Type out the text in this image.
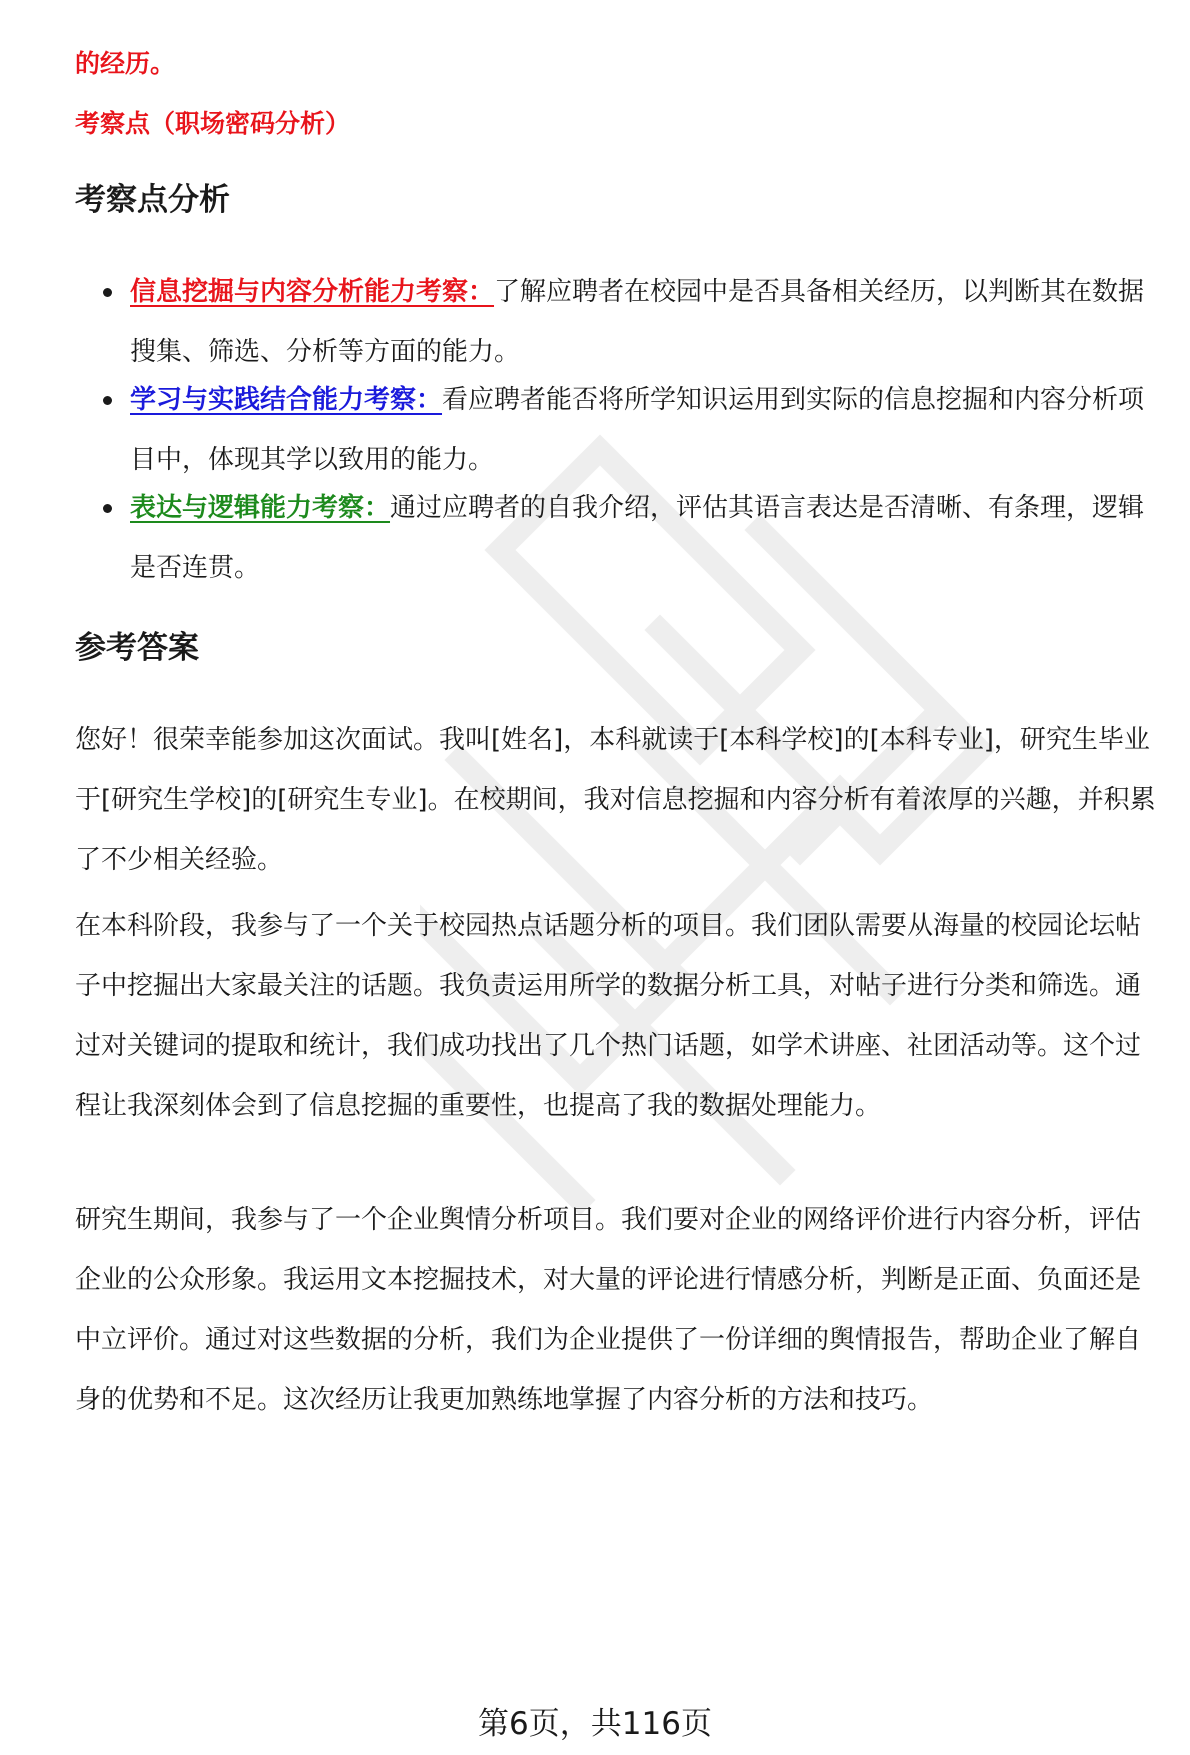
的经历。
考察点（职场密码分析）
考察点分析
信息挖掘与内容分析能力考察：了解应聘者在校园中是否具备相关经历，以判断其在数据搜集、筛选、分析等方面的能力。
学习与实践结合能力考察：看应聘者能否将所学知识运用到实际的信息挖掘和内容分析项目中，体现其学以致用的能力。
表达与逻辑能力考察：通过应聘者的自我介绍，评估其语言表达是否清晰、有条理，逻辑是否连贯。
参考答案

您好！很荣幸能参加这次面试。我叫[姓名]，本科就读于[本科学校]的[本科专业]，研究生毕业于[研究生学校]的[研究生专业]。在校期间，我对信息挖掘和内容分析有着浓厚的兴趣，并积累了不少相关经验。

在本科阶段，我参与了一个关于校园热点话题分析的项目。我们团队需要从海量的校园论坛帖子中挖掘出大家最关注的话题。我负责运用所学的数据分析工具，对帖子进行分类和筛选。通过对关键词的提取和统计，我们成功找出了几个热门话题，如学术讲座、社团活动等。这个过程让我深刻体会到了信息挖掘的重要性，也提高了我的数据处理能力。

研究生期间，我参与了一个企业舆情分析项目。我们要对企业的网络评价进行内容分析，评估企业的公众形象。我运用文本挖掘技术，对大量的评论进行情感分析，判断是正面、负面还是中立评价。通过对这些数据的分析，我们为企业提供了一份详细的舆情报告，帮助企业了解自身的优势和不足。这次经历让我更加熟练地掌握了内容分析的方法和技巧。

第6页，共116页
